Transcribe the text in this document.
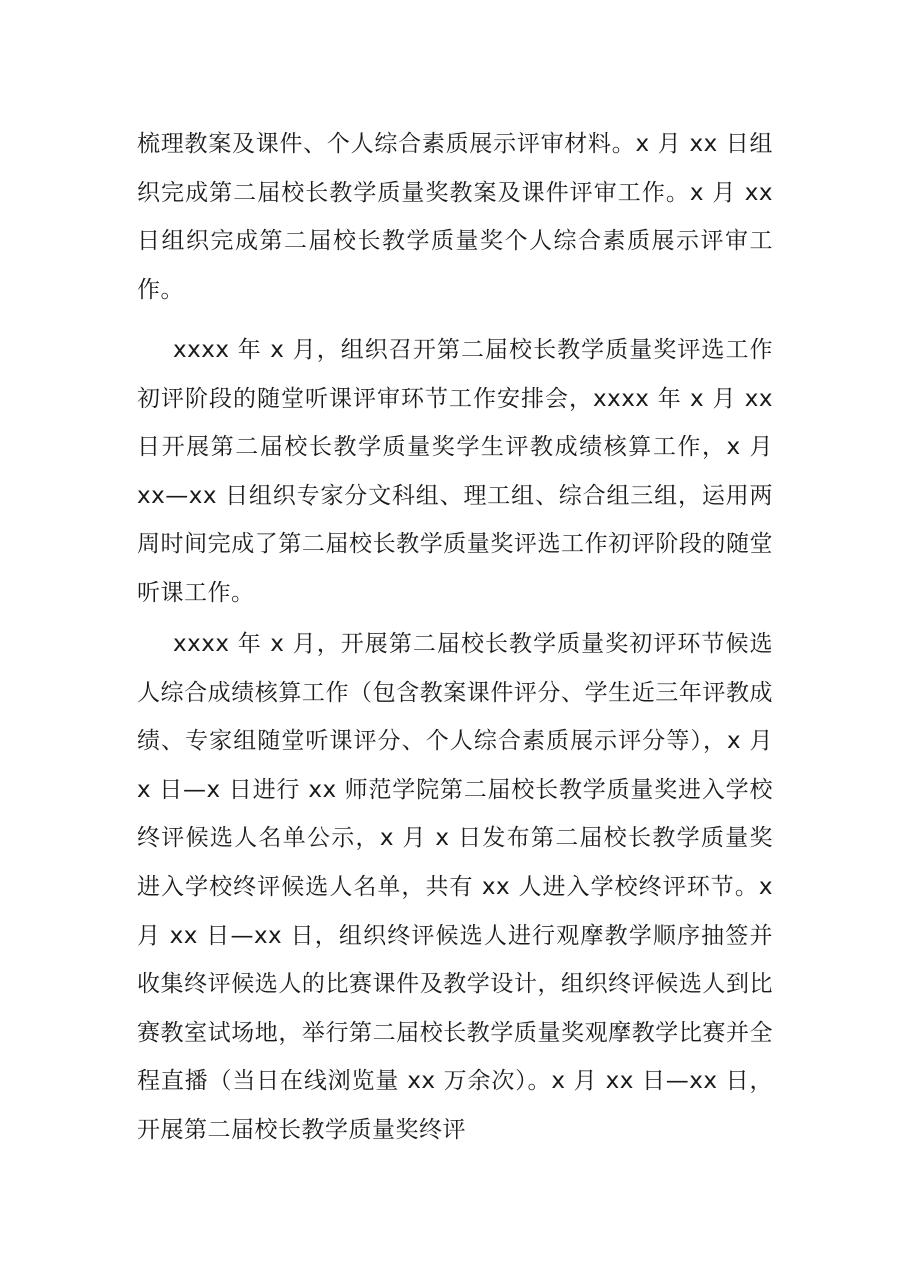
梳理教案及课件、个人综合素质展示评审材料。x 月 xx 日组织完成第二届校长教学质量奖教案及课件评审工作。x 月 xx 日组织完成第二届校长教学质量奖个人综合素质展示评审工作。

xxxx 年 x 月，组织召开第二届校长教学质量奖评选工作初评阶段的随堂听课评审环节工作安排会，xxxx 年 x 月 xx 日开展第二届校长教学质量奖学生评教成绩核算工作，x 月 xx—xx 日组织专家分文科组、理工组、综合组三组，运用两周时间完成了第二届校长教学质量奖评选工作初评阶段的随堂听课工作。

xxxx 年 x 月，开展第二届校长教学质量奖初评环节候选人综合成绩核算工作（包含教案课件评分、学生近三年评教成绩、专家组随堂听课评分、个人综合素质展示评分等），x 月 x 日—x 日进行 xx 师范学院第二届校长教学质量奖进入学校终评候选人名单公示，x 月 x 日发布第二届校长教学质量奖进入学校终评候选人名单，共有 xx 人进入学校终评环节。x 月 xx 日—xx 日，组织终评候选人进行观摩教学顺序抽签并收集终评候选人的比赛课件及教学设计，组织终评候选人到比赛教室试场地，举行第二届校长教学质量奖观摩教学比赛并全程直播（当日在线浏览量 xx 万余次）。x 月 xx 日—xx 日，开展第二届校长教学质量奖终评
